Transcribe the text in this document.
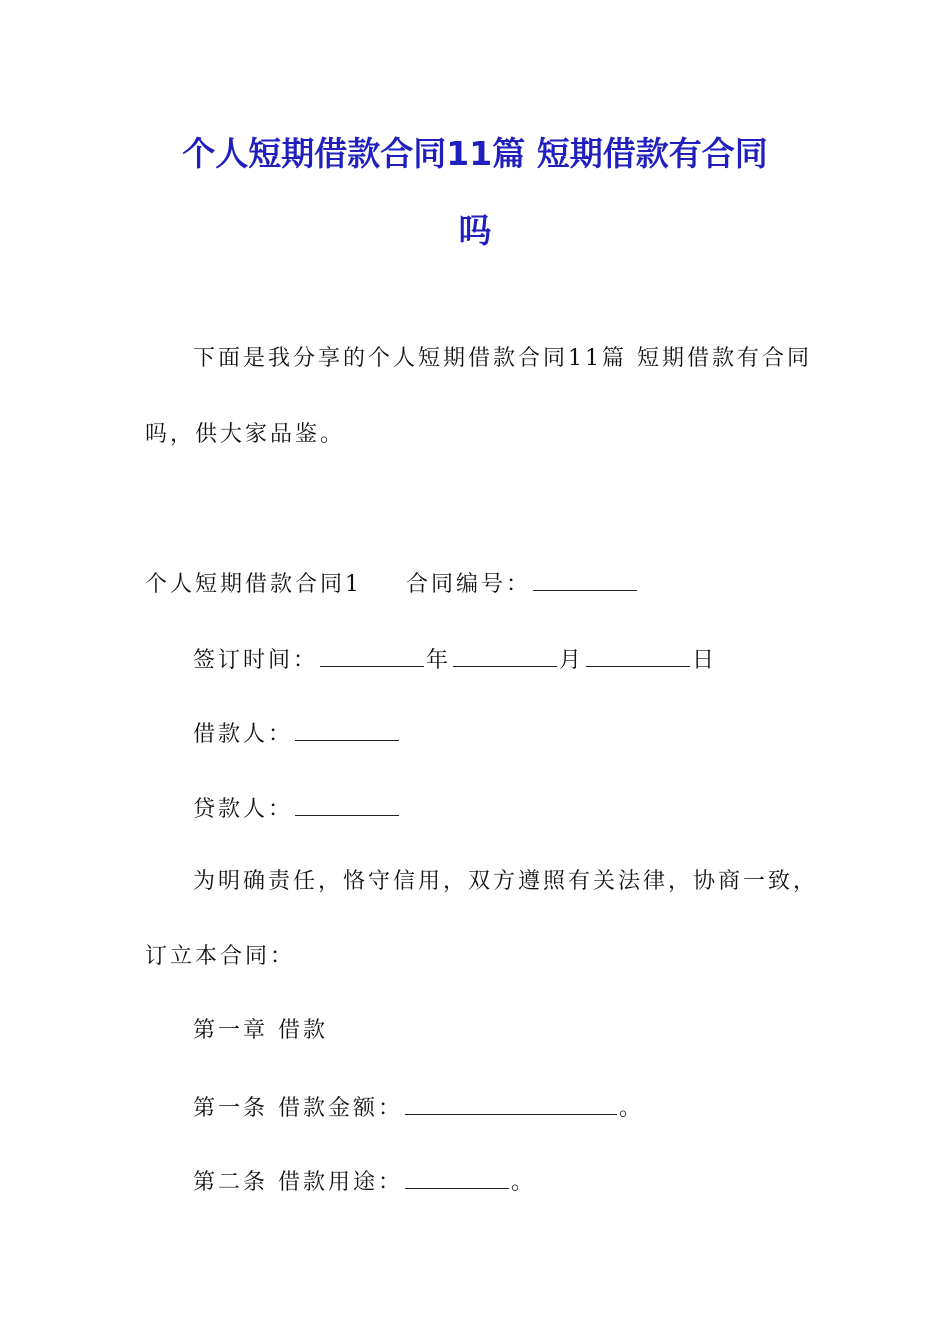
个人短期借款合同11篇 短期借款有合同
吗
下面是我分享的个人短期借款合同11篇 短期借款有合同
吗，供大家品鉴。
个人短期借款合同1 合同编号：
签订时间：	年	月	日
借款人：
贷款人：
为明确责任，恪守信用，双方遵照有关法律，协商一致，
订立本合同：
第一章 借款
第一条 借款金额：	。
第二条 借款用途：	。
